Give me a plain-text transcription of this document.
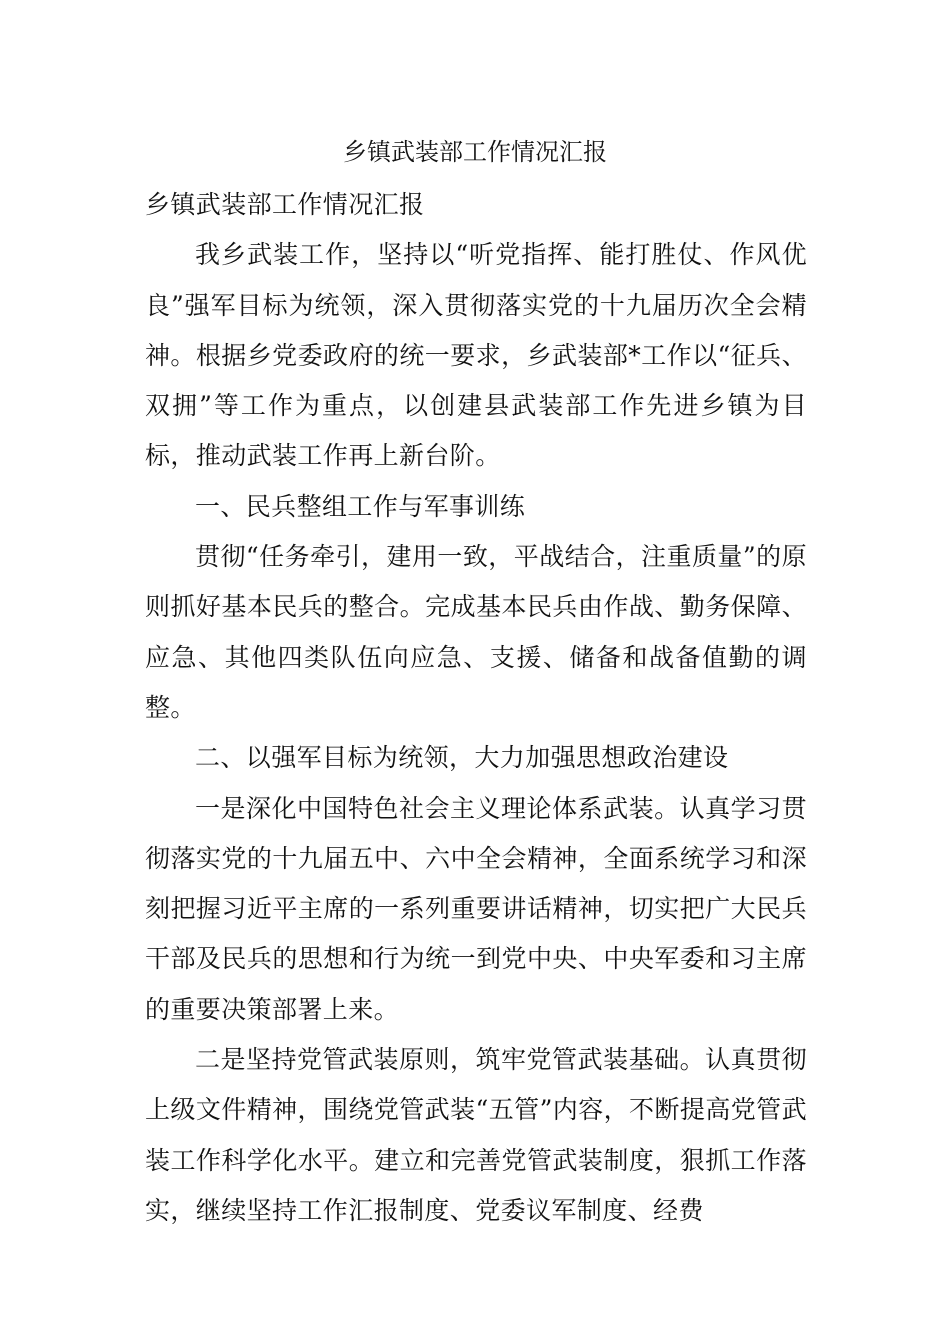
乡镇武装部工作情况汇报

乡镇武装部工作情况汇报

我乡武装工作，坚持以“听党指挥、能打胜仗、作风优良”强军目标为统领，深入贯彻落实党的十九届历次全会精神。根据乡党委政府的统一要求，乡武装部*工作以“征兵、双拥”等工作为重点，以创建县武装部工作先进乡镇为目标，推动武装工作再上新台阶。

一、民兵整组工作与军事训练

贯彻“任务牵引，建用一致，平战结合，注重质量”的原则抓好基本民兵的整合。完成基本民兵由作战、勤务保障、应急、其他四类队伍向应急、支援、储备和战备值勤的调整。

二、以强军目标为统领，大力加强思想政治建设

一是深化中国特色社会主义理论体系武装。认真学习贯彻落实党的十九届五中、六中全会精神，全面系统学习和深刻把握习近平主席的一系列重要讲话精神，切实把广大民兵干部及民兵的思想和行为统一到党中央、中央军委和习主席的重要决策部署上来。

二是坚持党管武装原则，筑牢党管武装基础。认真贯彻上级文件精神，围绕党管武装“五管”内容，不断提高党管武装工作科学化水平。建立和完善党管武装制度，狠抓工作落实，继续坚持工作汇报制度、党委议军制度、经费
